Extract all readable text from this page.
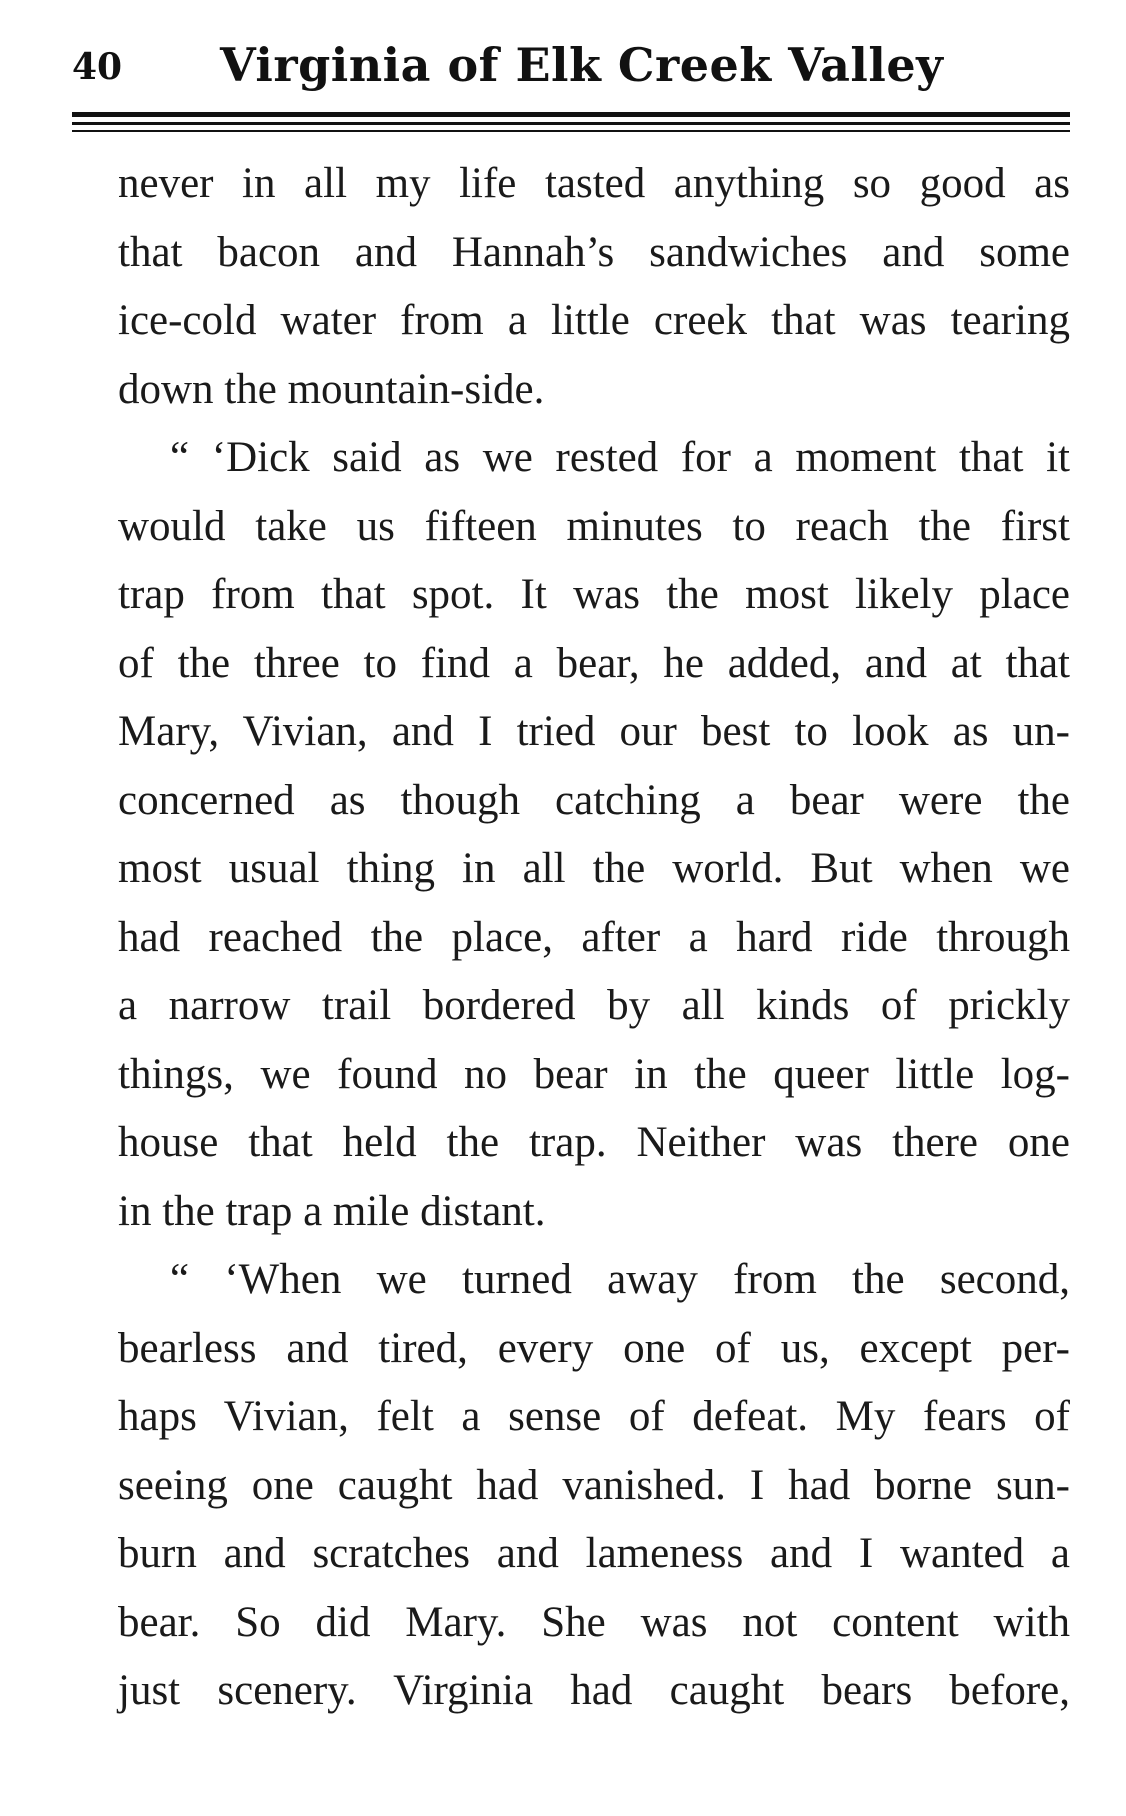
40 Virginia of Elk Creek Valley
never in all my life tasted anything so good as
that bacon and Hannah’s sandwiches and some
ice-cold water from a little creek that was tearing
down the mountain-side.
“ ‘Dick said as we rested for a moment that it
would take us fifteen minutes to reach the first
trap from that spot. It was the most likely place
of the three to find a bear, he added, and at that
Mary, Vivian, and I tried our best to look as un-
concerned as though catching a bear were the
most usual thing in all the world. But when we
had reached the place, after a hard ride through
a narrow trail bordered by all kinds of prickly
things, we found no bear in the queer little log-
house that held the trap. Neither was there one
in the trap a mile distant.
“ ‘When we turned away from the second,
bearless and tired, every one of us, except per-
haps Vivian, felt a sense of defeat. My fears of
seeing one caught had vanished. I had borne sun-
burn and scratches and lameness and I wanted a
bear. So did Mary. She was not content with
just scenery. Virginia had caught bears before,
